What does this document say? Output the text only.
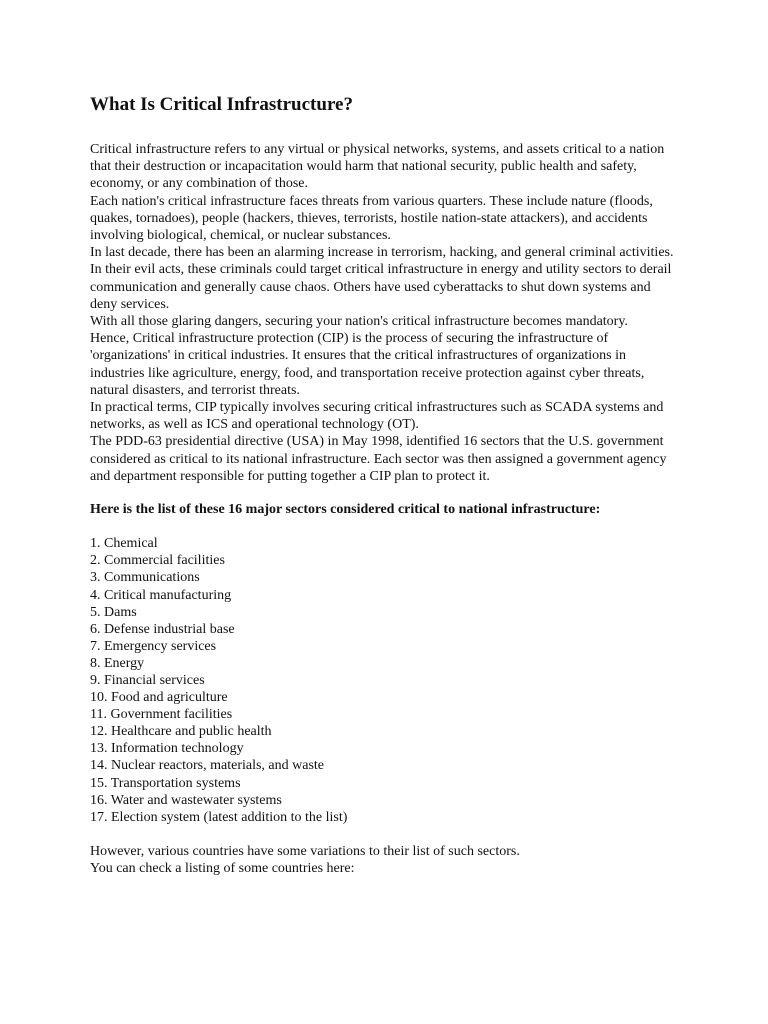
What Is Critical Infrastructure?

Critical infrastructure refers to any virtual or physical networks, systems, and assets critical to a nation that their destruction or incapacitation would harm that national security, public health and safety, economy, or any combination of those.

Each nation's critical infrastructure faces threats from various quarters. These include nature (floods, quakes, tornadoes), people (hackers, thieves, terrorists, hostile nation-state attackers), and accidents involving biological, chemical, or nuclear substances.

In last decade, there has been an alarming increase in terrorism, hacking, and general criminal activities. In their evil acts, these criminals could target critical infrastructure in energy and utility sectors to derail communication and generally cause chaos. Others have used cyberattacks to shut down systems and deny services.

With all those glaring dangers, securing your nation's critical infrastructure becomes mandatory.

Hence, Critical infrastructure protection (CIP) is the process of securing the infrastructure of 'organizations' in critical industries. It ensures that the critical infrastructures of organizations in industries like agriculture, energy, food, and transportation receive protection against cyber threats, natural disasters, and terrorist threats.

In practical terms, CIP typically involves securing critical infrastructures such as SCADA systems and networks, as well as ICS and operational technology (OT).

The PDD-63 presidential directive (USA) in May 1998, identified 16 sectors that the U.S. government considered as critical to its national infrastructure. Each sector was then assigned a government agency and department responsible for putting together a CIP plan to protect it.

Here is the list of these 16 major sectors considered critical to national infrastructure:

1. Chemical
2. Commercial facilities
3. Communications
4. Critical manufacturing
5. Dams
6. Defense industrial base
7. Emergency services
8. Energy
9. Financial services
10. Food and agriculture
11. Government facilities
12. Healthcare and public health
13. Information technology
14. Nuclear reactors, materials, and waste
15. Transportation systems
16. Water and wastewater systems
17. Election system (latest addition to the list)

However, various countries have some variations to their list of such sectors.

You can check a listing of some countries here:
